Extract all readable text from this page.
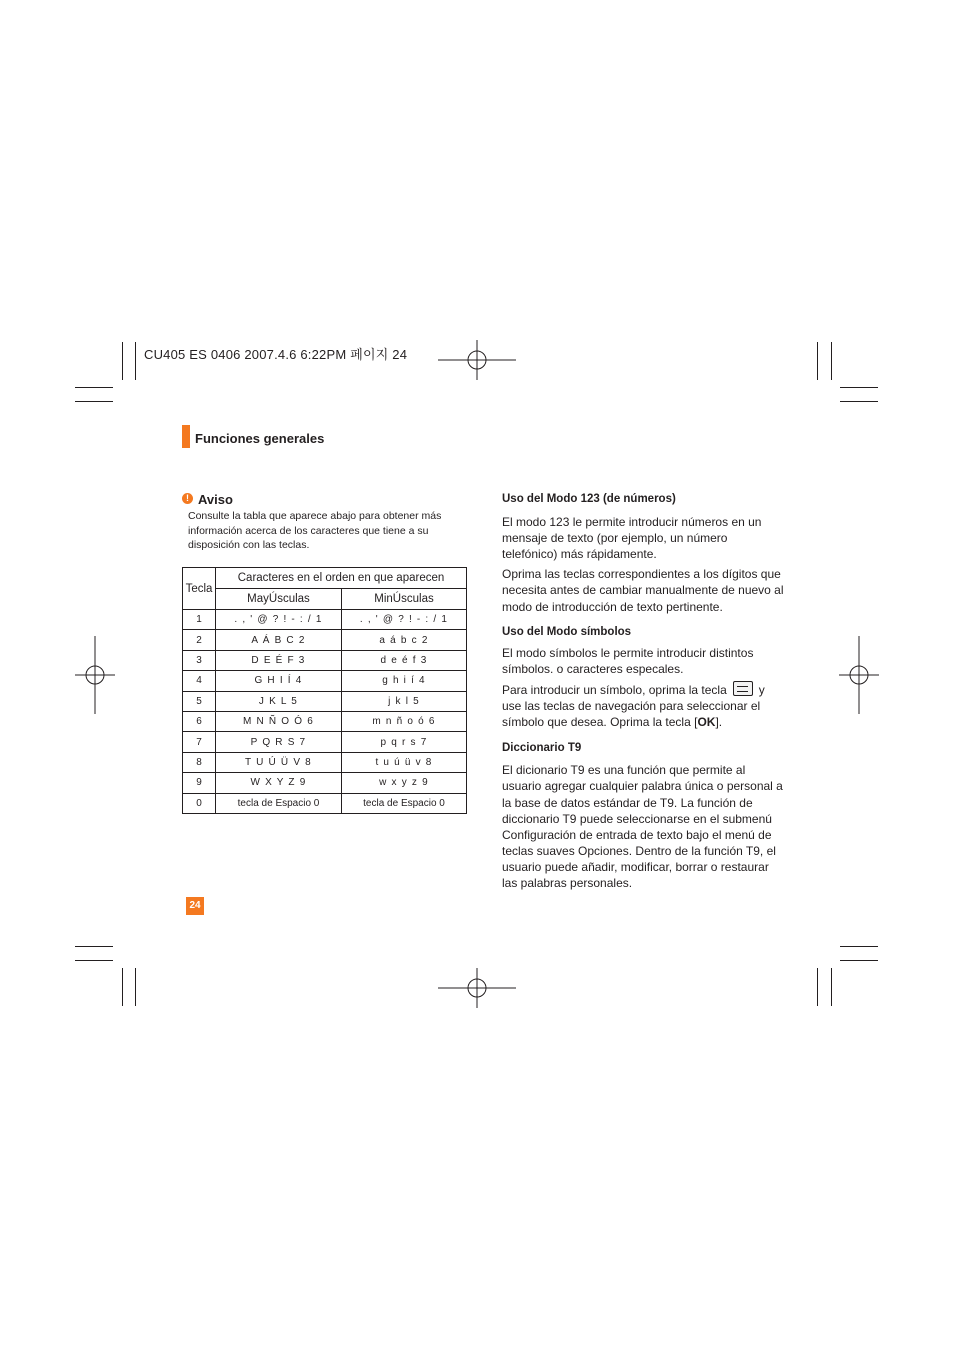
CU405 ES 0406 2007.4.6 6:22PM 페이지 24
Funciones generales
! Aviso
Consulte la tabla que aparece abajo para obtener más información acerca de los caracteres que tiene a su disposición con las teclas.
Tecla	Caracteres en el orden en que aparecen	
	MayÚsculas	MinÚsculas
1	. , ' @ ? ! - : / 1	. , ' @ ? ! - : / 1
2	A Á B C 2	a á b c 2
3	D E É F 3	d e é f 3
4	G H I Í 4	g h i í 4
5	J K L 5	j k l 5
6	M N Ñ O Ó 6	m n ñ o ó 6
7	P Q R S 7	p q r s 7
8	T U Ú Ü V 8	t u ú ü v 8
9	W X Y Z 9	w x y z 9
0	tecla de Espacio 0	tecla de Espacio 0
Uso del Modo 123 (de números)
El modo 123 le permite introducir números en un mensaje de texto (por ejemplo, un número telefónico) más rápidamente.
Oprima las teclas correspondientes a los dígitos que necesita antes de cambiar manualmente de nuevo al modo de introducción de texto pertinente.
Uso del Modo símbolos
El modo símbolos le permite introducir distintos símbolos. o caracteres especales.
Para introducir un símbolo, oprima la tecla	y use las teclas de navegación para seleccionar el símbolo que desea. Oprima la tecla [OK].
Diccionario T9
El dicionario T9 es una función que permite al usuario agregar cualquier palabra única o personal a la base de datos estándar de T9. La función de diccionario T9 puede seleccionarse en el submenú Configuración de entrada de texto bajo el menú de teclas suaves Opciones. Dentro de la función T9, el usuario puede añadir, modificar, borrar o restaurar las palabras personales.
24
